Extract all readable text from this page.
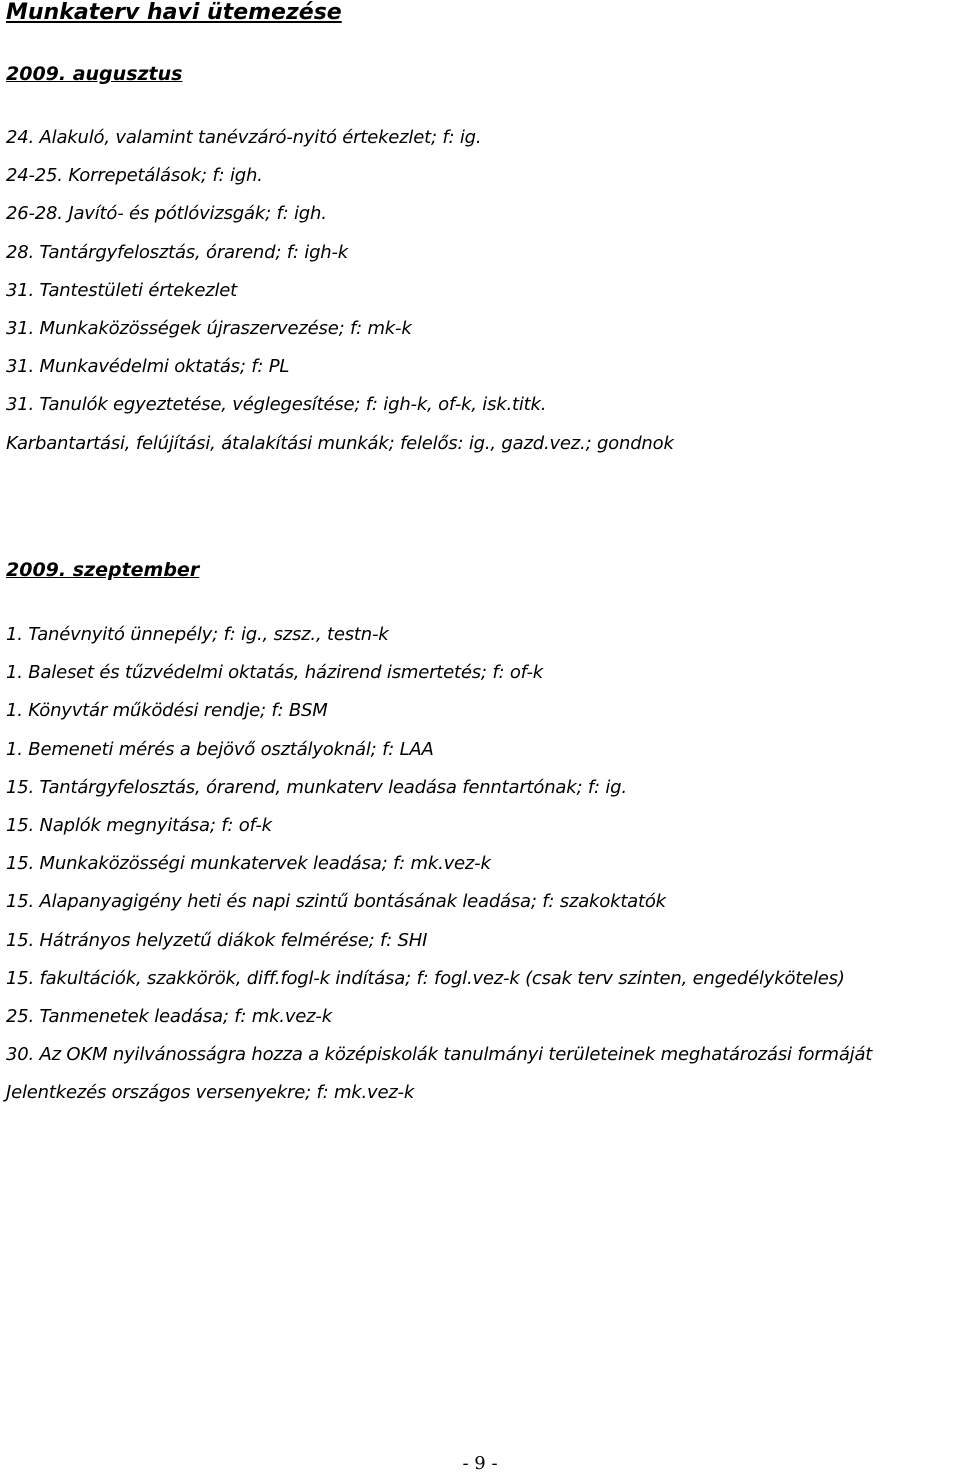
Munkaterv havi ütemezése
2009. augusztus
24. Alakuló, valamint tanévzáró-nyitó értekezlet; f: ig.
24-25. Korrepetálások; f: igh.
26-28. Javító- és pótlóvizsgák; f: igh.
28. Tantárgyfelosztás, órarend; f: igh-k
31. Tantestületi értekezlet
31. Munkaközösségek újraszervezése; f: mk-k
31. Munkavédelmi oktatás; f: PL
31. Tanulók egyeztetése, véglegesítése; f: igh-k, of-k, isk.titk.
Karbantartási, felújítási, átalakítási munkák; felelős: ig., gazd.vez.; gondnok
2009. szeptember
1. Tanévnyitó ünnepély; f: ig., szsz., testn-k
1. Baleset és tűzvédelmi oktatás, házirend ismertetés; f: of-k
1. Könyvtár működési rendje; f: BSM
1. Bemeneti mérés a bejövő osztályoknál; f: LAA
15. Tantárgyfelosztás, órarend, munkaterv leadása fenntartónak; f: ig.
15. Naplók megnyitása; f: of-k
15. Munkaközösségi munkatervek leadása; f: mk.vez-k
15. Alapanyagigény heti és napi szintű bontásának leadása; f: szakoktatók
15. Hátrányos helyzetű diákok felmérése; f: SHI
15. fakultációk, szakkörök, diff.fogl-k indítása; f: fogl.vez-k (csak terv szinten, engedélyköteles)
25. Tanmenetek leadása; f: mk.vez-k
30. Az OKM nyilvánosságra hozza a középiskolák tanulmányi területeinek meghatározási formáját
Jelentkezés országos versenyekre; f: mk.vez-k
- 9 -
